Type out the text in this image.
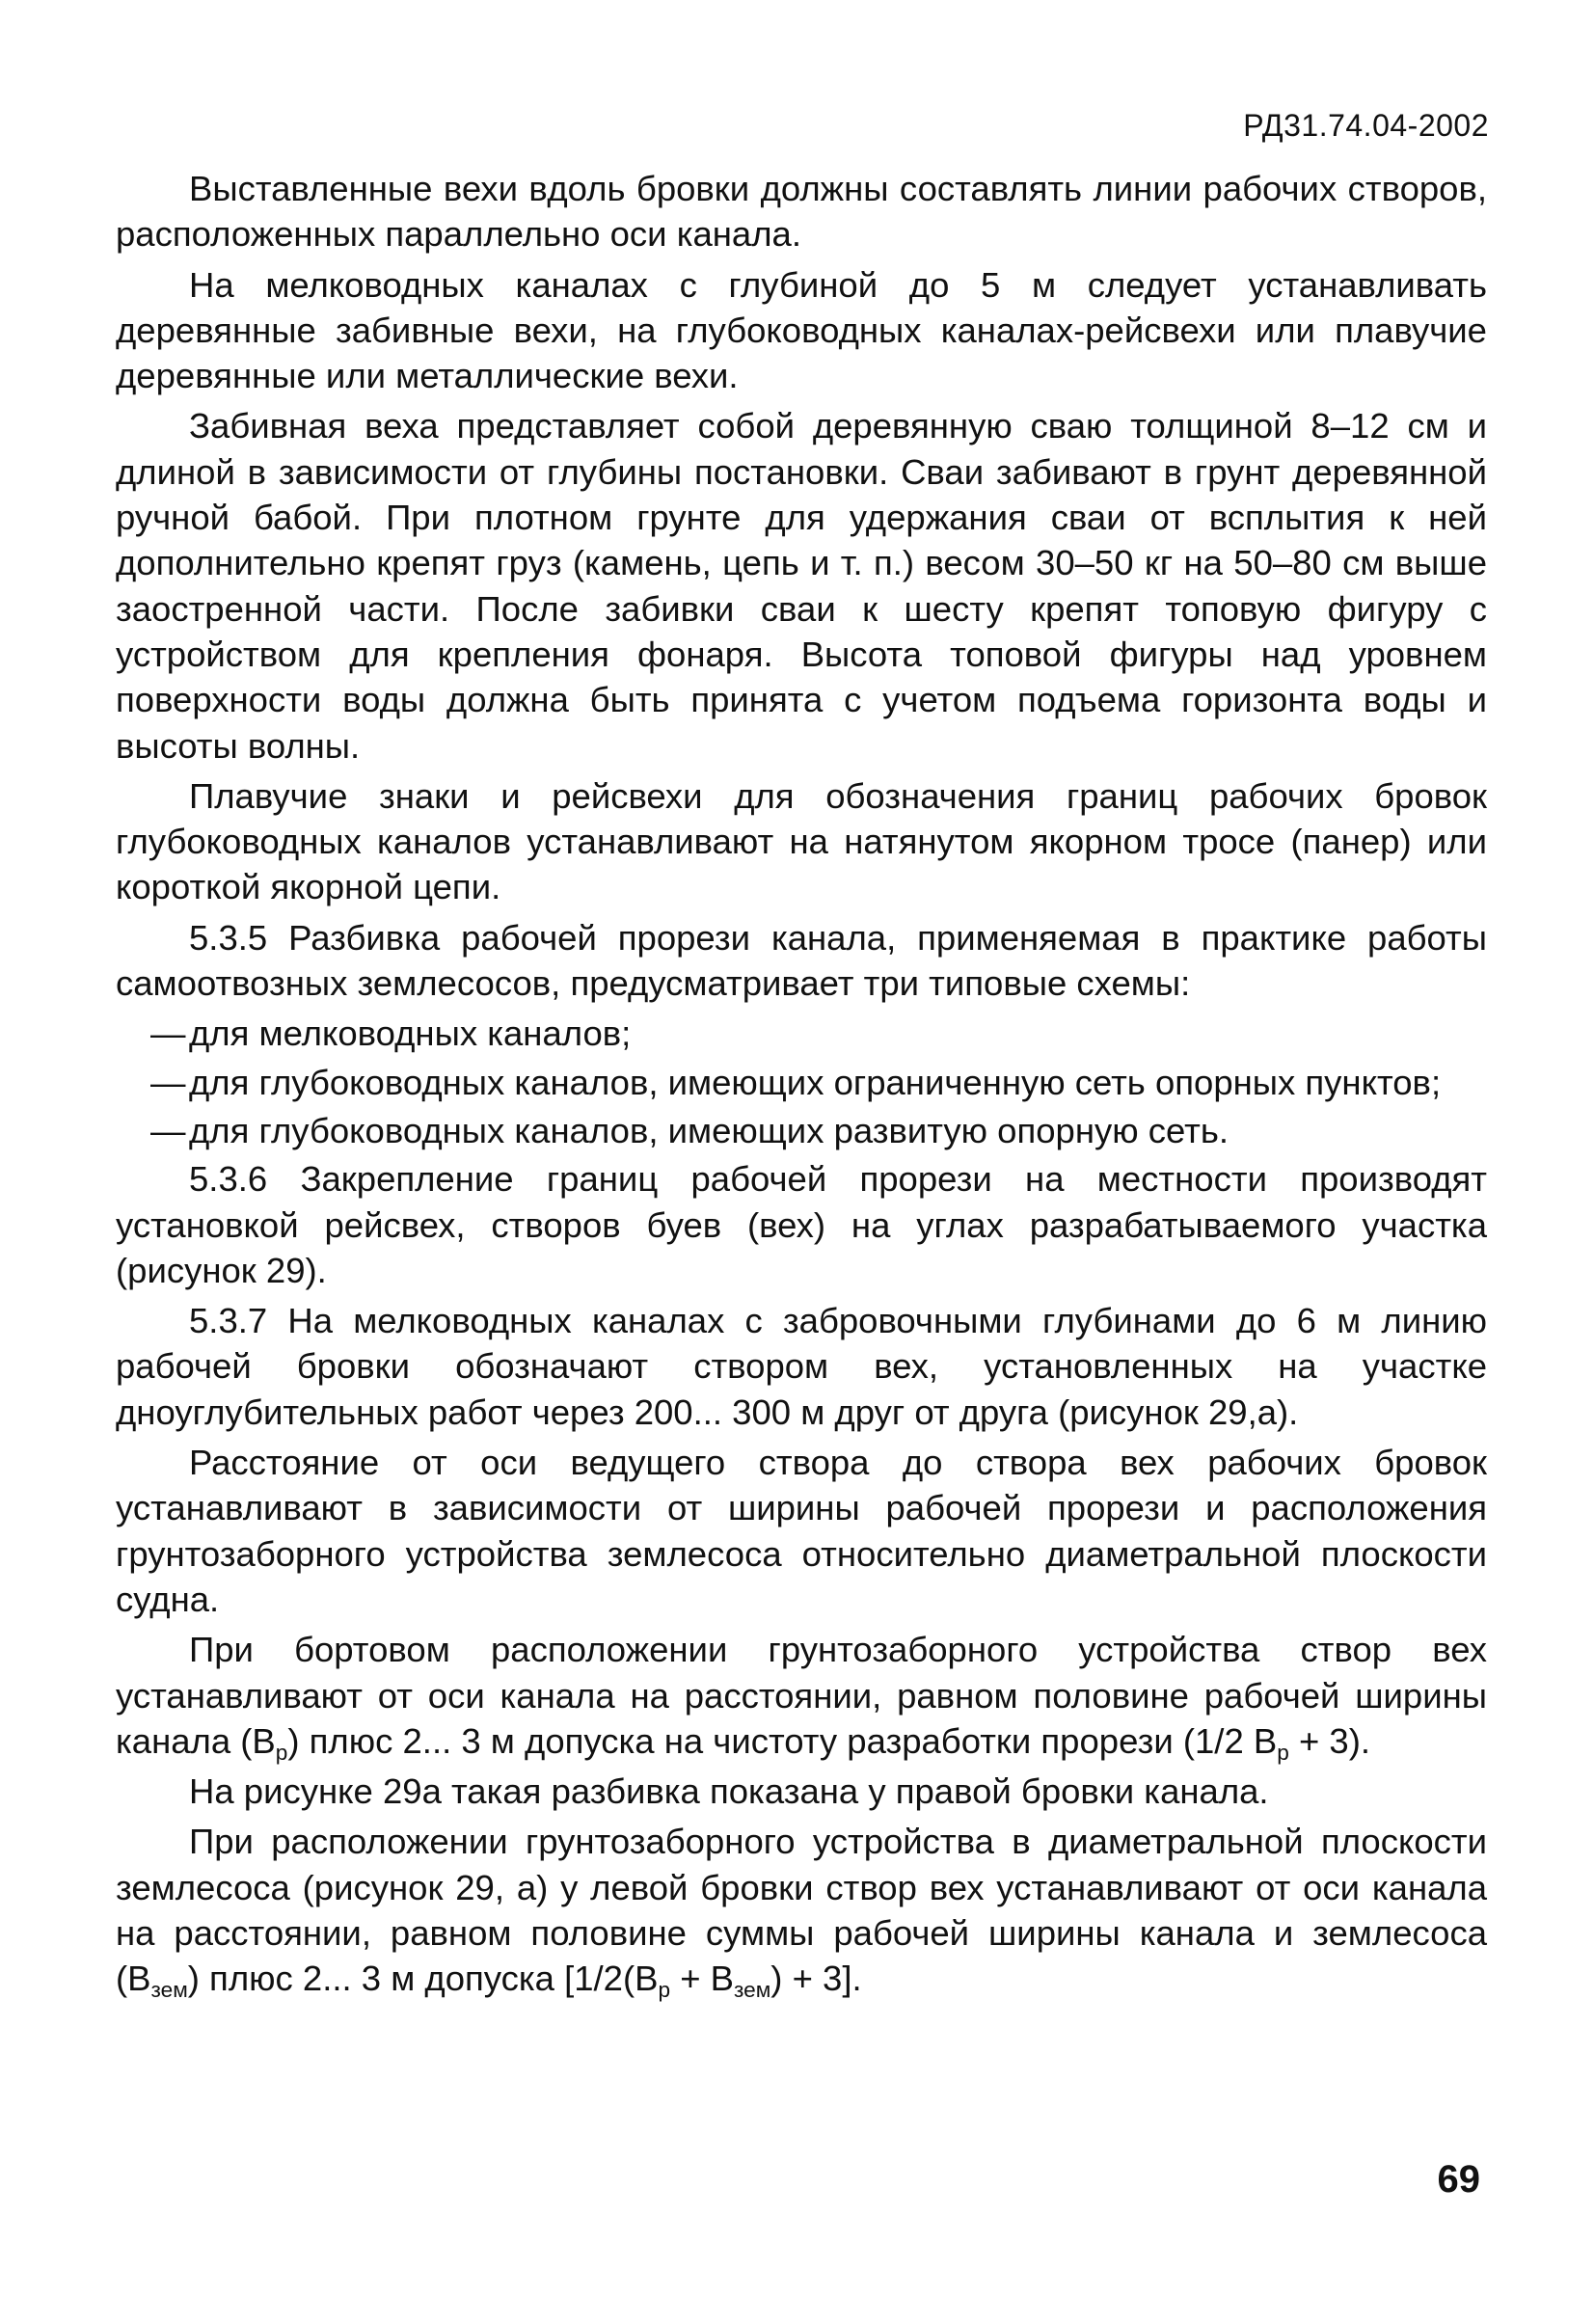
РД31.74.04-2002

Выставленные вехи вдоль бровки должны составлять линии рабочих створов, расположенных параллельно оси канала.

На мелководных каналах с глубиной до 5 м следует устанавливать деревянные забивные вехи, на глубоководных каналах-рейсвехи или плавучие деревянные или металлические вехи.

Забивная веха представляет собой деревянную сваю толщиной 8–12 см и длиной в зависимости от глубины постановки. Сваи забивают в грунт деревянной ручной бабой. При плотном грунте для удержания сваи от всплытия к ней дополнительно крепят груз (камень, цепь и т. п.) весом 30–50 кг на 50–80 см выше заостренной части. После забивки сваи к шесту крепят топовую фигуру с устройством для крепления фонаря. Высота топовой фигуры над уровнем поверхности воды должна быть принята с учетом подъема горизонта воды и высоты волны.

Плавучие знаки и рейсвехи для обозначения границ рабочих бровок глубоководных каналов устанавливают на натянутом якорном тросе (панер) или короткой якорной цепи.

5.3.5 Разбивка рабочей прорези канала, применяемая в практике работы самоотвозных землесосов, предусматривает три типовые схемы:

—для мелководных каналов;

—для глубоководных каналов, имеющих ограниченную сеть опорных пунктов;

—для глубоководных каналов, имеющих развитую опорную сеть.

5.3.6 Закрепление границ рабочей прорези на местности производят установкой рейсвех, створов буев (вех) на углах разрабатываемого участка (рисунок 29).

5.3.7 На мелководных каналах с забровочными глубинами до 6 м линию рабочей бровки обозначают створом вех, установленных на участке дноуглубительных работ через 200... 300 м друг от друга (рисунок 29,а).

Расстояние от оси ведущего створа до створа вех рабочих бровок устанавливают в зависимости от ширины рабочей прорези и расположения грунтозаборного устройства землесоса относительно диаметральной плоскости судна.

При бортовом расположении грунтозаборного устройства створ вех устанавливают от оси канала на расстоянии, равном половине рабочей ширины канала $(В_р)$ плюс 2... 3 м допуска на чистоту разработки прорези (1/2 $В_р + 3$).

На рисунке 29а такая разбивка показана у правой бровки канала.

При расположении грунтозаборного устройства в диаметральной плоскости землесоса (рисунок 29, а) у левой бровки створ вех устанавливают от оси канала на расстоянии, равном половине суммы рабочей ширины канала и землесоса $(В_{зем})$ плюс 2... 3 м допуска $[1/2(В_р + В_{зем}) + 3]$.

69
